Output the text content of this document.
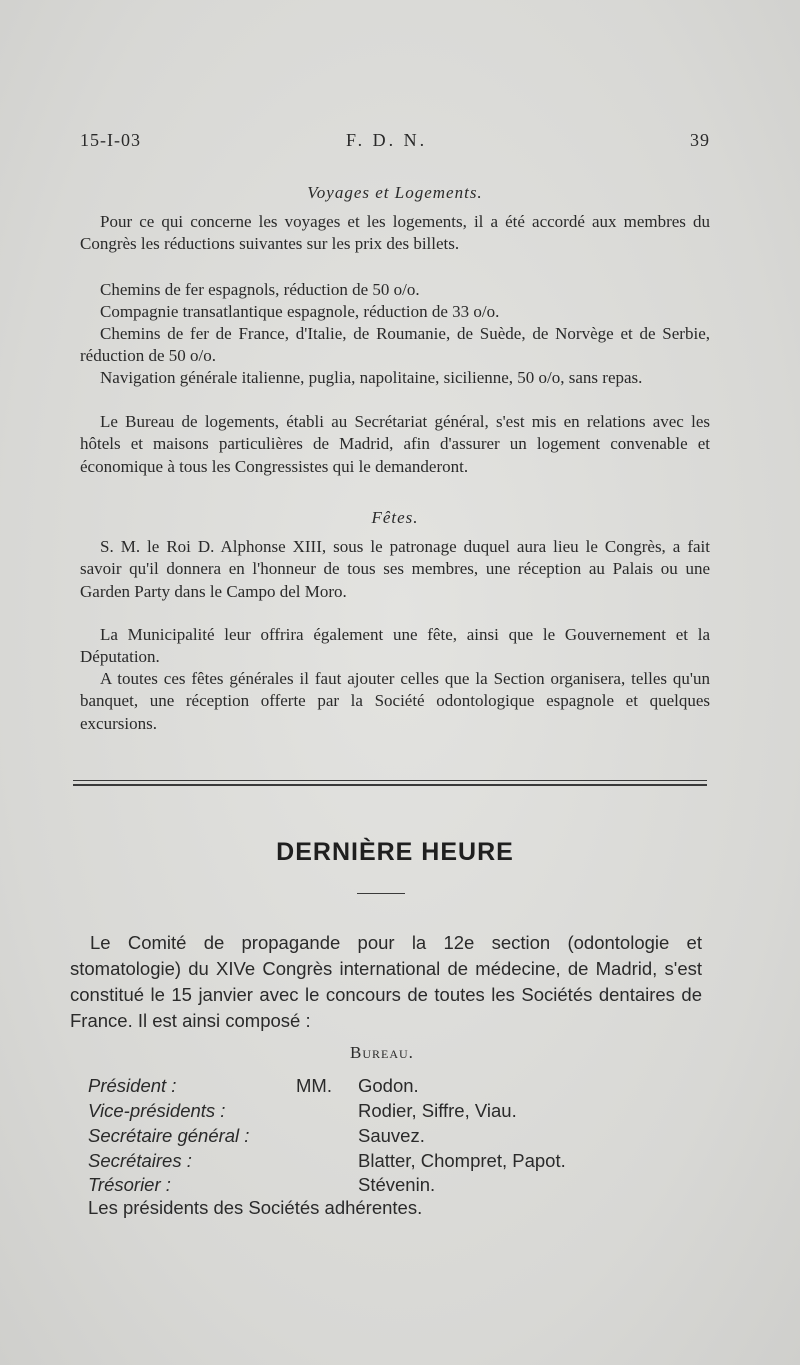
15-I-03	F. D. N.	39
Voyages et Logements.
Pour ce qui concerne les voyages et les logements, il a été accordé aux membres du Congrès les réductions suivantes sur les prix des billets.
Chemins de fer espagnols, réduction de 50 o/o.
Compagnie transatlantique espagnole, réduction de 33 o/o.
Chemins de fer de France, d'Italie, de Roumanie, de Suède, de Norvège et de Serbie, réduction de 50 o/o.
Navigation générale italienne, puglia, napolitaine, sicilienne, 50 o/o, sans repas.
Le Bureau de logements, établi au Secrétariat général, s'est mis en relations avec les hôtels et maisons particulières de Madrid, afin d'assurer un logement convenable et économique à tous les Congressistes qui le demanderont.
Fêtes.
S. M. le Roi D. Alphonse XIII, sous le patronage duquel aura lieu le Congrès, a fait savoir qu'il donnera en l'honneur de tous ses membres, une réception au Palais ou une Garden Party dans le Campo del Moro.
La Municipalité leur offrira également une fête, ainsi que le Gouvernement et la Députation.
A toutes ces fêtes générales il faut ajouter celles que la Section organisera, telles qu'un banquet, une réception offerte par la Société odontologique espagnole et quelques excursions.
DERNIÈRE HEURE
Le Comité de propagande pour la 12e section (odontologie et stomatologie) du XIVe Congrès international de médecine, de Madrid, s'est constitué le 15 janvier avec le concours de toutes les Sociétés dentaires de France. Il est ainsi composé :
Bureau.
Président :	MM. Godon.
Vice-présidents :	Rodier, Siffre, Viau.
Secrétaire général :	Sauvez.
Secrétaires :	Blatter, Chompret, Papot.
Trésorier :	Stévenin.
Les présidents des Sociétés adhérentes.
